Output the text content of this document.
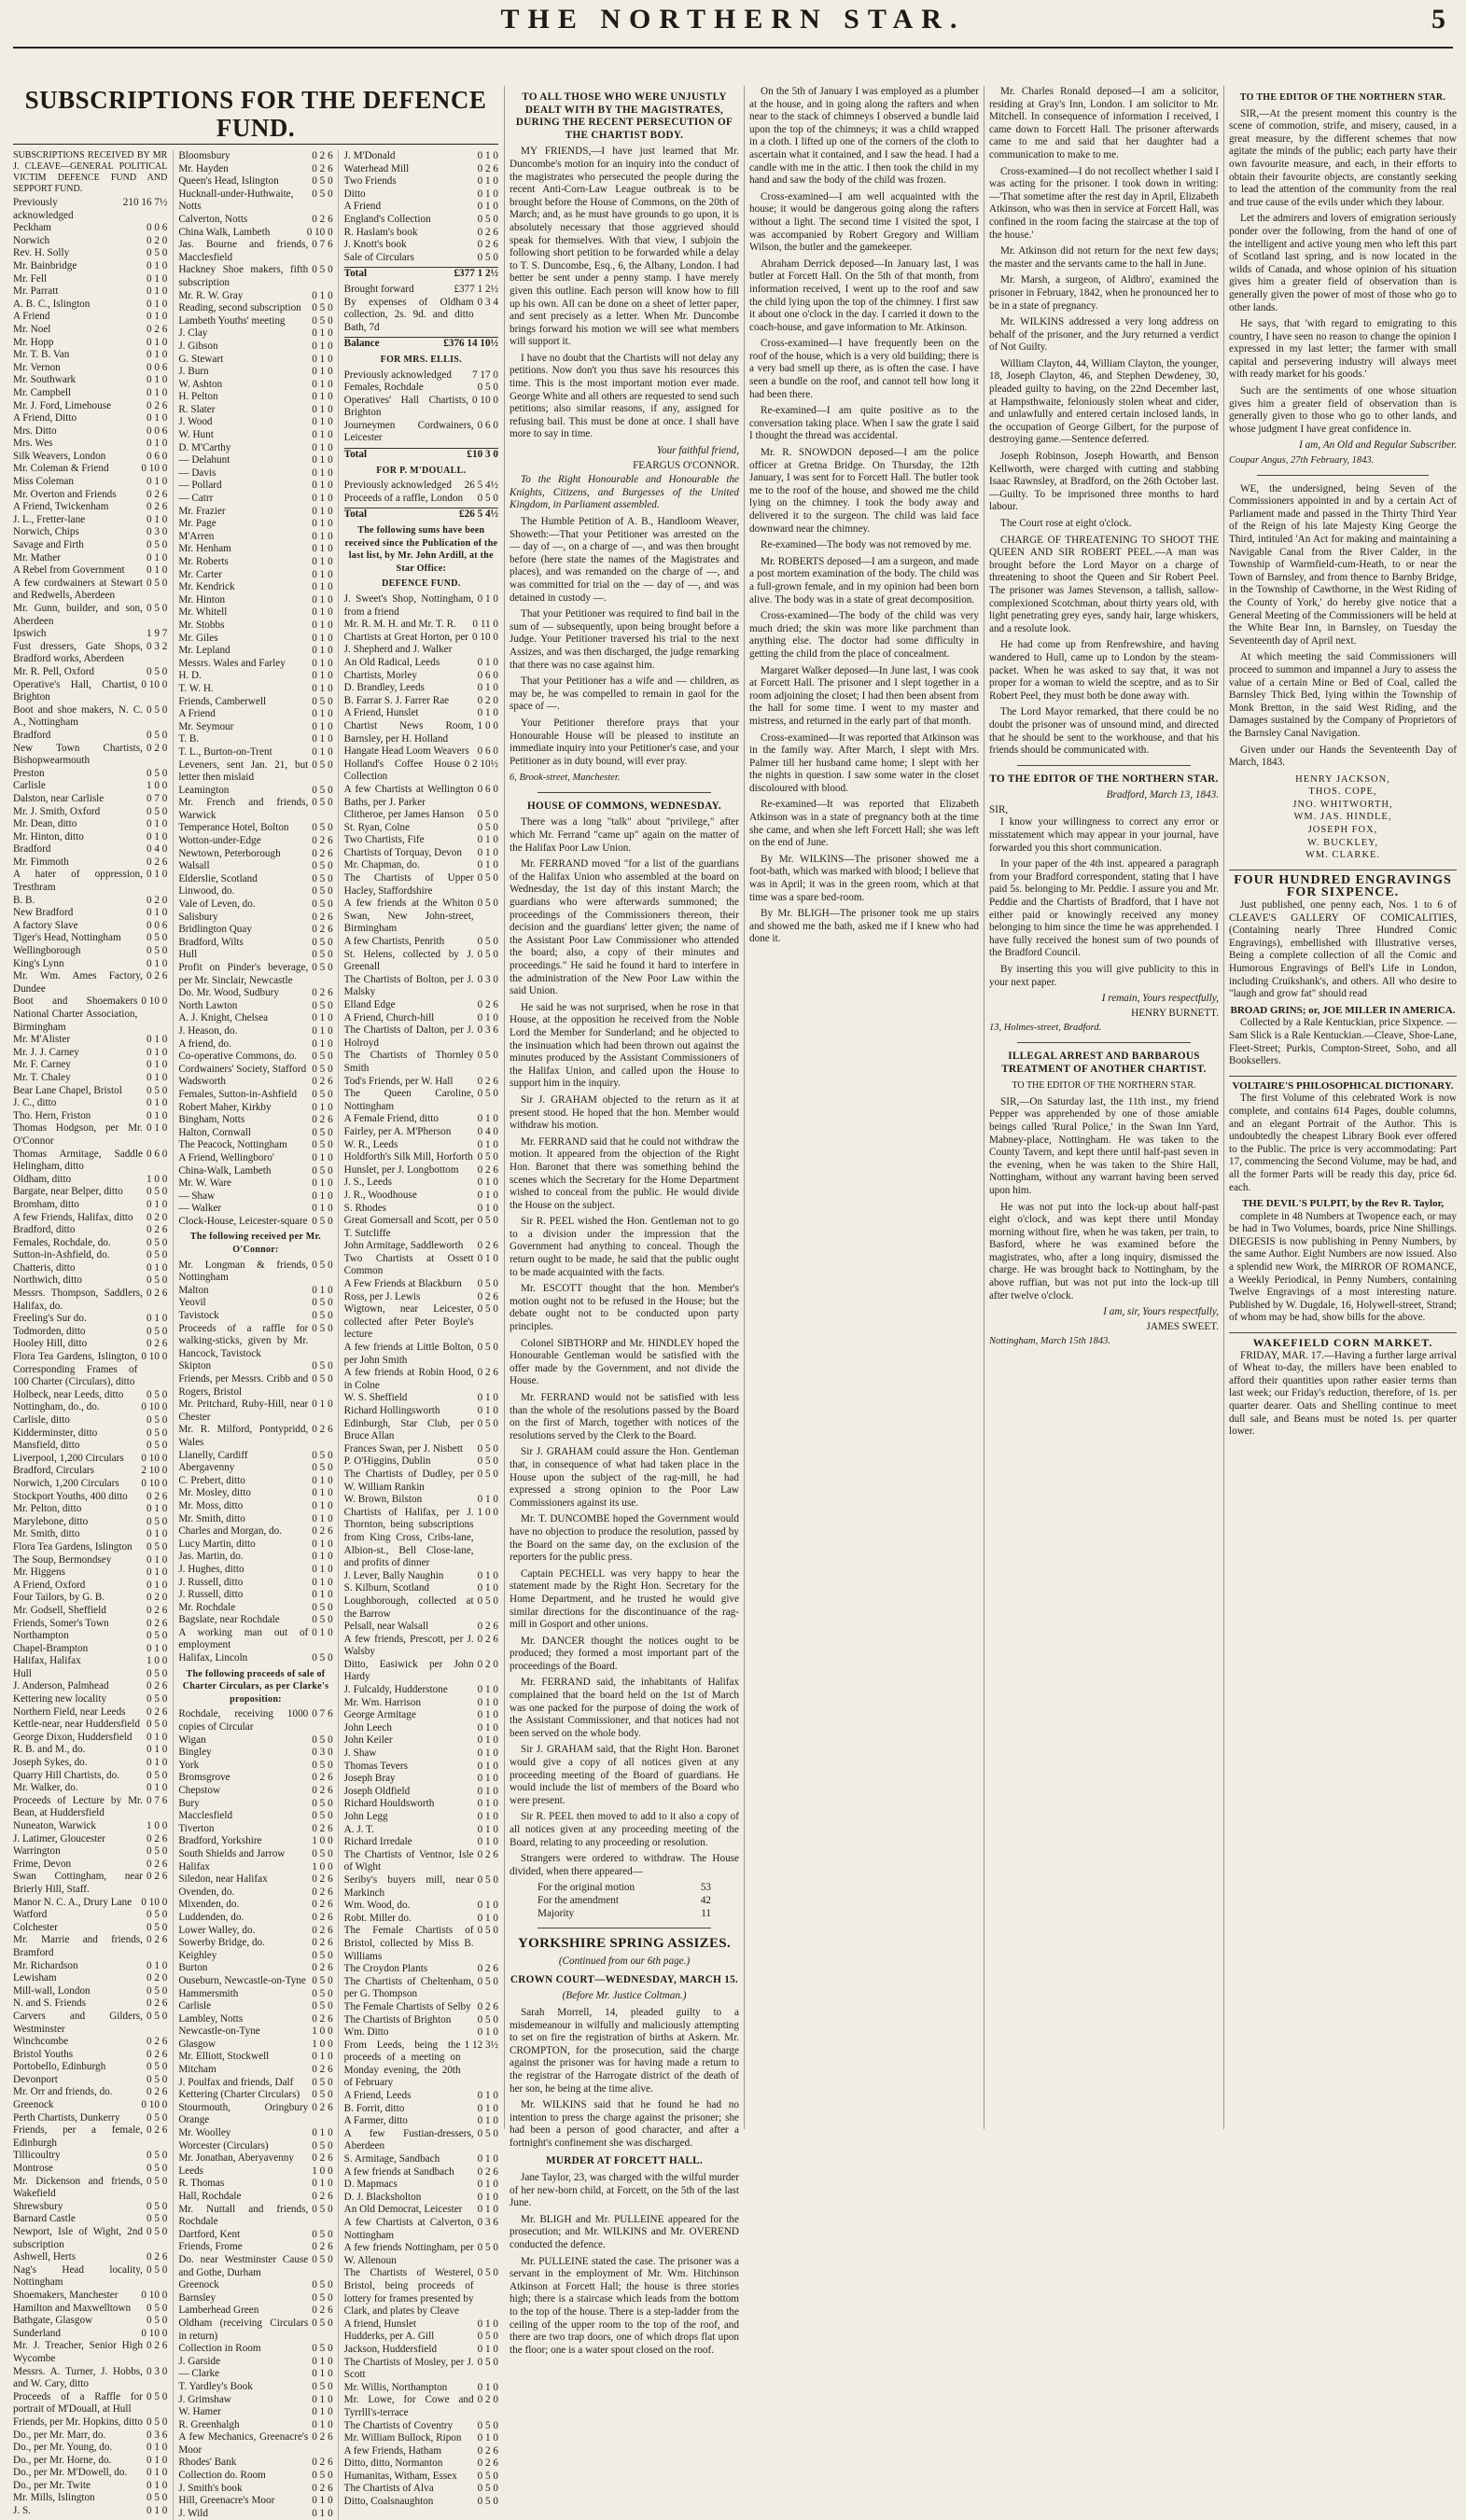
THE NORTHERN STAR.	5
SUBSCRIPTIONS FOR THE DEFENCE FUND.
SUBSCRIPTIONS RECEIVED BY MR J. CLEAVE—GENERAL POLITICAL VICTIM DEFENCE FUND AND SEPPORT FUND.
Previously acknowledged
210 16 7½
Peckham	0 0 6
Norwich	0 2 0
Rev. H. Solly	0 5 0
Mr. Bainbridge	0 1 0
Mr. Fell	0 1 0
Mr. Parratt	0 1 0
A. B. C., Islington	0 1 0
A Friend	0 1 0
Mr. Noel	0 2 6
Mr. Hopp	0 1 0
Mr. T. B. Van	0 1 0
Mr. Vernon	0 0 6
Mr. Southwark	0 1 0
Mr. Campbell	0 1 0
Mr. J. Ford, Limehouse	0 2 6
A Friend, Ditto	0 1 0
Mrs. Ditto	0 0 6
Mrs. Wes	0 1 0
Silk Weavers, London	0 6 0
Mr. Coleman & Friend	0 10 0
Miss Coleman	0 1 0
Mr. Overton and Friends	0 2 6
A Friend, Twickenham	0 2 6
J. L., Fretter-lane	0 1 0
Norwich, Chips	0 3 0
Savage and Firth	0 5 0
Mr. Mather	0 1 0
A Rebel from Government	0 1 0
A few cordwainers at Stewart and Redwells, Aberdeen
0 5 0
Mr. Gunn, builder, and son, Aberdeen
0 5 0
Ipswich	1 9 7
Fust dressers, Gate Shops, Bradford works, Aberdeen
0 3 2
Mr. R. Pell, Oxford	0 5 0
Operative's Hall, Chartist, Brighton
0 10 0
Boot and shoe makers, N. C. A., Nottingham
0 5 0
Bradford	0 5 0
New Town Chartists, Bishopwearmouth
0 2 0
Preston	0 5 0
Carlisle	1 0 0
Dalston, near Carlisle	0 7 0
Mr. J. Smith, Oxford	0 5 0
Mr. Dean, ditto	0 1 0
Mr. Hinton, ditto	0 1 0
Bradford	0 4 0
Mr. Fimmoth	0 2 6
A hater of oppression, Tresthram
0 1 0
B. B.	0 2 0
New Bradford	0 1 0
A factory Slave	0 0 6
Tiger's Head, Nottingham	0 5 0
Wellingborough	0 5 0
King's Lynn	0 1 0
Mr. Wm. Ames Factory, Dundee
0 2 6
Boot and Shoemakers National Charter Association, Birmingham
0 10 0
Mr. M'Alister	0 1 0
Mr. J. J. Carney	0 1 0
Mr. F. Carney	0 1 0
Mr. T. Chaley	0 1 0
Bear Lane Chapel, Bristol	0 5 0
J. C., ditto	0 1 0
Tho. Hern, Friston	0 1 0
Thomas Hodgson, per Mr. O'Connor
0 1 0
Thomas Armitage, Saddle Helingham, ditto
0 6 0
Oldham, ditto	1 0 0
Bargate, near Belper, ditto	0 5 0
Bromham, ditto	0 1 0
A few Friends, Halifax, ditto	0 2 0
Bradford, ditto	0 2 6
Females, Rochdale, do.	0 5 0
Sutton-in-Ashfield, do.	0 5 0
Chatteris, ditto	0 1 0
Northwich, ditto	0 5 0
Messrs. Thompson, Saddlers, Halifax, do.
0 2 6
Freeling's Sur do.	0 1 0
Todmorden, ditto	0 5 0
Hooley Hill, ditto	0 2 6
Flora Tea Gardens, Islington, Corresponding Frames of 100 Charter (Circulars), ditto
0 10 0
Holbeck, near Leeds, ditto	0 5 0
Nottingham, do., do.	0 10 0
Carlisle, ditto	0 5 0
Kidderminster, ditto	0 5 0
Mansfield, ditto	0 5 0
Liverpool, 1,200 Circulars	0 10 0
Bradford, Circulars	2 10 0
Norwich, 1,200 Circulars	0 10 0
Stockport Youths, 400 ditto	0 2 6
Mr. Pelton, ditto	0 1 0
Marylebone, ditto	0 5 0
Mr. Smith, ditto	0 1 0
Flora Tea Gardens, Islington	0 5 0
The Soup, Bermondsey	0 1 0
Mr. Higgens	0 1 0
A Friend, Oxford	0 1 0
Four Tailors, by G. B.	0 2 0
Mr. Godsell, Sheffield	0 2 6
Friends, Somer's Town	0 2 6
Northampton	0 5 0
Chapel-Brampton	0 1 0
Halifax, Halifax	1 0 0
Hull	0 5 0
J. Anderson, Palmhead	0 2 6
Kettering new locality	0 5 0
Northern Field, near Leeds	0 2 6
Kettle-near, near Huddersfield 0 5 0
George Dixon, Huddersfield	0 1 0
R. B. and M., do.	0 1 0
Joseph Sykes, do.	0 1 0
Quarry Hill Chartists, do.	0 5 0
Mr. Walker, do.	0 1 0
Proceeds of Lecture by Mr. Bean, at Huddersfield
0 7 6
Nuneaton, Warwick	1 0 0
J. Latimer, Gloucester	0 2 6
Warrington	0 5 0
Frime, Devon	0 2 6
Swan Cottingham, near Brierly Hill, Staff.
0 2 6
Manor N. C. A., Drury Lane 0 10 0
Watford	0 5 0
Colchester	0 5 0
Mr. Marrie and friends, Bramford
0 2 6
Mr. Richardson	0 1 0
Lewisham	0 2 0
Mill-wall, London	0 5 0
N. and S. Friends	0 2 6
Carvers and Gilders, Westminster
0 5 0
Winchcombe	0 2 6
Bristol Youths	0 2 6
Portobello, Edinburgh	0 5 0
Devonport	0 5 0
Mr. Orr and friends, do.	0 2 6
Greenock	0 10 0
Perth Chartists, Dunkerry	0 5 0
Friends, per a female, Edinburgh
0 2 6
Tillicoultry	0 5 0
Montrose	0 5 0
Mr. Dickenson and friends, Wakefield
0 5 0
Shrewsbury	0 5 0
Barnard Castle	0 5 0
Newport, Isle of Wight, 2nd subscription
0 5 0
Ashwell, Herts	0 2 6
Nag's Head locality, Nottingham
0 5 0
Shoemakers, Manchester	0 10 0
Hamilton and Maxwelltown	0 5 0
Bathgate, Glasgow	0 5 0
Sunderland	0 10 0
Mr. J. Treacher, Senior High Wycombe
0 2 6
Messrs. A. Turner, J. Hobbs, and W. Cary, ditto
0 3 0
Proceeds of a Raffle for portrait of M'Douall, at Hull
0 5 0
Friends, per Mr. Hopkins, ditto 0 5 0
Do., per Mr. Marr, do.	0 3 6
Do., per Mr. Young, do.	0 1 0
Do., per Mr. Horne, do.	0 1 0
Do., per Mr. M'Dowell, do.	0 1 0
Do., per Mr. Twite	0 1 0
Mr. Mills, Islington	0 5 0
J. S.	0 1 0
Bloomsbury	0 2 6
Mr. Hayden	0 2 6
Queen's Head, Islington	0 5 0
Hucknall-under-Huthwaite, Notts
0 5 0
Calverton, Notts	0 2 6
China Walk, Lambeth	0 10 0
Jas. Bourne and friends, Macclesfield
0 7 6
Hackney Shoe makers, fifth subscription
0 5 0
Mr. R. W. Gray	0 1 0
Reading, second subscription	0 5 0
Lambeth Youths' meeting	0 5 0
J. Clay	0 1 0
J. Gibson	0 1 0
G. Stewart	0 1 0
J. Burn	0 1 0
W. Ashton	0 1 0
H. Pelton	0 1 0
R. Slater	0 1 0
J. Wood	0 1 0
W. Hunt	0 1 0
D. M'Carthy	0 1 0
— Delahunt	0 1 0
— Davis	0 1 0
— Pollard	0 1 0
— Catrr	0 1 0
Mr. Frazier	0 1 0
Mr. Page	0 1 0
M'Arren	0 1 0
Mr. Henham	0 1 0
Mr. Roberts	0 1 0
Mr. Carter	0 1 0
Mr. Kendrick	0 1 0
Mr. Hinton	0 1 0
Mr. Whitell	0 1 0
Mr. Stobbs	0 1 0
Mr. Giles	0 1 0
Mr. Lepland	0 1 0
Messrs. Wales and Farley	0 1 0
H. D.	0 1 0
T. W. H.	0 1 0
Friends, Camberwell	0 5 0
A Friend	0 1 0
Mr. Seymour	0 1 0
T. B.	0 1 0
T. L., Burton-on-Trent	0 1 0
Leveners, sent Jan. 21, but letter then mislaid
0 5 0
Leamington	0 5 0
Mr. French and friends, Warwick
0 5 0
Temperance Hotel, Bolton	0 5 0
Wotton-under-Edge	0 2 6
Newtown, Peterborough	0 2 6
Walsall	0 5 0
Elderslie, Scotland	0 5 0
Linwood, do.	0 5 0
Vale of Leven, do.	0 5 0
Salisbury	0 2 6
Bridlington Quay	0 2 6
Bradford, Wilts	0 5 0
Hull	0 5 0
Profit on Pinder's beverage, per Mr. Sinclair, Newcastle
0 5 0
Do. Mr. Wood, Sudbury	0 2 6
North Lawton	0 5 0
A. J. Knight, Chelsea	0 1 0
J. Heason, do.	0 1 0
A friend, do.	0 1 0
Co-operative Commons, do.	0 5 0
Cordwainers' Society, Stafford 0 5 0
Wadsworth	0 2 6
Females, Sutton-in-Ashfield	0 5 0
Robert Maher, Kirkby	0 1 0
Bingham, Notts	0 2 6
Halton, Cornwall	0 5 0
The Peacock, Nottingham	0 5 0
A Friend, Wellingboro'	0 1 0
China-Walk, Lambeth	0 5 0
Mr. W. Ware	0 1 0
— Shaw	0 1 0
— Walker	0 1 0
Clock-House, Leicester-square 0 5 0
The following received per Mr. O'Connor:
Mr. Longman & friends, Nottingham
0 5 0
Malton	0 1 0
Yeovil	0 5 0
Tavistock	0 5 0
Proceeds of a raffle for walking-sticks, given by Mr. Hancock, Tavistock
0 5 0
Skipton	0 5 0
Friends, per Messrs. Cribb and Rogers, Bristol
0 5 0
Mr. Pritchard, Ruby-Hill, near Chester
0 1 0
Mr. R. Milford, Pontypridd, Wales
0 2 6
Llanelly, Cardiff	0 5 0
Abergavenny	0 5 0
C. Prebert, ditto	0 1 0
Mr. Mosley, ditto	0 1 0
Mr. Moss, ditto	0 1 0
Mr. Smith, ditto	0 1 0
Charles and Morgan, do.	0 2 6
Lucy Martin, ditto	0 1 0
Jas. Martin, do.	0 1 0
J. Hughes, ditto	0 1 0
J. Russell, ditto	0 1 0
J. Russell, ditto	0 1 0
Mr. Rochdale	0 5 0
Bagslate, near Rochdale	0 5 0
A working man out of employment
0 1 0
Halifax, Lincoln	0 5 0
The following proceeds of sale of Charter Circulars, as per Clarke's proposition:
Rochdale, receiving 1000 copies of Circular
0 7 6
Wigan	0 5 0
Bingley	0 3 0
York	0 5 0
Bromsgrove	0 2 6
Chepstow	0 2 6
Bury	0 5 0
Macclesfield	0 5 0
Tiverton	0 2 6
Bradford, Yorkshire	1 0 0
South Shields and Jarrow	0 5 0
Halifax	1 0 0
Siledon, near Halifax	0 2 6
Ovenden, do.	0 2 6
Mixenden, do.	0 2 6
Luddenden, do.	0 2 6
Lower Walley, do.	0 2 6
Sowerby Bridge, do.	0 2 6
Keighley	0 5 0
Burton	0 2 6
Ouseburn, Newcastle-on-Tyne 0 5 0
Hammersmith	0 5 0
Carlisle	0 5 0
Lambley, Notts	0 2 6
Newcastle-on-Tyne	1 0 0
Glasgow	1 0 0
Mr. Elliott, Stockwell	0 1 0
Mitcham	0 2 6
J. Poulfax and friends, Dalf	0 5 0
Kettering (Charter Circulars)	0 5 0
Stourmouth, Oringbury Orange
0 2 6
Mr. Woolley	0 1 0
Worcester (Circulars)	0 5 0
Mr. Jonathan, Aberyavenny	0 2 6
Leeds	1 0 0
R. Thomas	0 1 0
Hall, Rochdale	0 2 6
Mr. Nuttall and friends, Rochdale
0 5 0
Dartford, Kent	0 5 0
Friends, Frome	0 2 6
Do. near Westminster Cause and Gothe, Durham
0 5 0
Greenock	0 5 0
Barnsley	0 5 0
Lamberhead Green	0 2 6
Oldham (receiving Circulars in return)
0 5 0
Collection in Room	0 5 0
J. Garside	0 1 0
— Clarke	0 1 0
T. Yardley's Book	0 5 0
J. Grimshaw	0 1 0
W. Hamer	0 1 0
R. Greenhalgh	0 1 0
A few Mechanics, Greenacre's Moor
0 2 6
Rhodes' Bank	0 2 6
Collection do. Room	0 5 0
J. Smith's book	0 2 6
Hill, Greenacre's Moor	0 1 0
J. Wild	0 1 0
J. M'Donald	0 1 0
Waterhead Mill	0 2 6
Two Friends	0 1 0
Ditto	0 1 0
A Friend	0 1 0
England's Collection	0 5 0
R. Haslam's book	0 2 6
J. Knott's book	0 2 6
Sale of Circulars	0 5 0
Total	£377 1 2½
Brought forward	£377 1 2½
By expenses of Oldham collection, 2s. 9d. and ditto Bath, 7d
0 3 4
Balance	£376 14 10½
FOR MRS. ELLIS.
Previously acknowledged	7 17 0
Females, Rochdale	0 5 0
Operatives' Hall Chartists, Brighton
0 10 0
Journeymen Cordwainers, Leicester
0 6 0
Total	£10 3 0
FOR P. M'DOUALL.
Previously acknowledged	26 5 4½
Proceeds of a raffle, London	0 5 0
Total	£26 5 4½
The following sums have been received since the Publication of the last list, by Mr. John Ardill, at the Star Office:
DEFENCE FUND.
J. Sweet's Shop, Nottingham, from a friend
0 1 0
Mr. R. M. H. and Mr. T. R.	0 11 0
Chartists at Great Horton, per J. Shepherd and J. Walker
0 10 0
An Old Radical, Leeds	0 1 0
Chartists, Morley	0 6 0
D. Brandley, Leeds	0 1 0
B. Farrar S. J. Farrer Rae	0 2 0
A Friend, Hunslet	0 1 0
Chartist News Room, Barnsley, per H. Holland
1 0 0
Hangate Head Loom Weavers 0 6 0
Holland's Coffee House Collection
0 2 10½
A few Chartists at Wellington Baths, per J. Parker
0 6 0
Clitheroe, per James Hanson	0 5 0
St. Ryan, Colne	0 5 0
Two Chartists, Fife	0 1 0
Chartists of Torquay, Devon	0 1 0
Mr. Chapman, do.	0 1 0
The Chartists of Upper Hacley, Staffordshire
0 5 0
A few friends at the Whiton Swan, New John-street, Birmingham
0 5 0
A few Chartists, Penrith	0 5 0
St. Helens, collected by J. Greenall
0 5 0
The Chartists of Bolton, per J. Malsky
0 3 0
Elland Edge	0 2 6
A Friend, Church-hill	0 1 0
The Chartists of Dalton, per J. Holroyd
0 3 6
The Chartists of Thornley Smith
0 5 0
Tod's Friends, per W. Hall	0 2 6
The Queen Caroline, Nottingham
0 5 0
A Female Friend, ditto	0 1 0
Fairley, per A. M'Pherson	0 4 0
W. R., Leeds	0 1 0
Holdforth's Silk Mill, Horforth 0 5 0
Hunslet, per J. Longbottom	0 2 6
J. S., Leeds	0 1 0
J. R., Woodhouse	0 1 0
S. Rhodes	0 1 0
Great Gomersall and Scott, per T. Sutcliffe
0 5 0
John Armitage, Saddleworth	0 2 6
Two Chartists at Ossett Common
0 1 0
A Few Friends at Blackburn	0 5 0
Ross, per J. Lewis	0 2 6
Wigtown, near Leicester, collected after Peter Boyle's lecture
0 5 0
A few friends at Little Bolton, per John Smith
0 5 0
A few friends at Robin Hood, in Colne
0 2 6
W. S. Sheffield	0 1 0
Richard Hollingsworth	0 1 0
Edinburgh, Star Club, per Bruce Allan
0 5 0
Frances Swan, per J. Nisbett	0 5 0
P. O'Higgins, Dublin	0 5 0
The Chartists of Dudley, per W. William Rankin
0 5 0
W. Brown, Bilston	0 1 0
Chartists of Halifax, per J. Thornton, being subscriptions from King Cross, Cribs-lane, Albion-st., Bell Close-lane, and profits of dinner
1 0 0
J. Lever, Bally Naughin	0 1 0
S. Kilburn, Scotland	0 1 0
Loughborough, collected at the Barrow
0 5 0
Pelsall, near Walsall	0 2 6
A few friends, Prescott, per J. Walsby
0 2 6
Ditto, Easiwick per John Hardy
0 2 0
J. Fulcaldy, Hudderstone	0 1 0
Mr. Wm. Harrison	0 1 0
George Armitage	0 1 0
John Leech	0 1 0
John Keiler	0 1 0
J. Shaw	0 1 0
Thomas Tevers	0 1 0
Joseph Bray	0 1 0
Joseph Oldfield	0 1 0
Richard Houldsworth	0 1 0
John Legg	0 1 0
A. J. T.	0 1 0
Richard Irredale	0 1 0
The Chartists of Ventnor, Isle of Wight
0 2 6
Seriby's buyers mill, near Markinch
0 5 0
Wm. Wood, do.	0 1 0
Robt. Miller do.	0 1 0
The Female Chartists of Bristol, collected by Miss B. Williams
0 5 0
The Croydon Plants	0 2 6
The Chartists of Cheltenham, per G. Thompson
0 5 0
The Female Chartists of Selby 0 2 6
The Chartists of Brighton	0 5 0
Wm. Ditto	0 1 0
From Leeds, being the proceeds of a meeting on Monday evening, the 20th of February
1 12 3½
A Friend, Leeds	0 1 0
B. Forrit, ditto	0 1 0
A Farmer, ditto	0 1 0
A few Fustian-dressers, Aberdeen
0 5 0
S. Armitage, Sandbach	0 1 0
A few friends at Sandbach	0 2 6
D. Mapmacs	0 1 0
D. J. Blacksholton	0 1 0
An Old Democrat, Leicester	0 1 0
A few Chartists at Calverton, Nottingham
0 3 6
A few friends Nottingham, per W. Allenoun
0 5 0
The Chartists of Westerel, Bristol, being proceeds of lottery for frames presented by Clark, and plates by Cleave
0 5 0
A friend, Hunslet	0 1 0
Hudderks, per A. Gill	0 5 0
Jackson, Huddersfield	0 1 0
The Chartists of Mosley, per J. Scott
0 5 0
Mr. Willis, Northampton	0 1 0
Mr. Lowe, for Cowe and Tyrrlll's-terrace
0 2 0
The Chartists of Coventry	0 5 0
Mr. William Bullock, Ripon	0 1 0
A few Friends, Hatham	0 2 6
Ditto, ditto, Normanton	0 2 6
Humanitas, Witham, Essex	0 5 0
The Chartists of Alva	0 5 0
Ditto, Coalsnaughton	0 5 0
TO ALL THOSE WHO WERE UNJUSTLY DEALT WITH BY THE MAGISTRATES, DURING THE RECENT PERSECUTION OF THE CHARTIST BODY.

MY FRIENDS,—I have just learned that Mr. Duncombe's motion for an inquiry into the conduct of the magistrates who persecuted the people during the recent Anti-Corn-Law League outbreak is to be brought before the House of Commons, on the 20th of March; and, as he must have grounds to go upon, it is absolutely necessary that those aggrieved should speak for themselves. With that view, I subjoin the following short petition to be forwarded while a delay to T. S. Duncombe, Esq., 6, the Albany, London. I had better be sent under a penny stamp. I have merely given this outline. Each person will know how to fill up his own. All can be done on a sheet of letter paper, and sent precisely as a letter. When Mr. Duncombe brings forward his motion we will see what members will support it.

I have no doubt that the Chartists will not delay any petitions. Now don't you thus save his resources this time. This is the most important motion ever made. George White and all others are requested to send such petitions; also similar reasons, if any, assigned for refusing bail. This must be done at once. I shall have more to say in time.

Your faithful friend,
FEARGUS O'CONNOR.

To the Right Honourable and Honourable the Knights, Citizens, and Burgesses of the United Kingdom, in Parliament assembled.

The Humble Petition of A. B., Handloom Weaver, Showeth:—That your Petitioner was arrested on the — day of —, on a charge of —, and was then brought before (here state the names of the Magistrates and places), and was remanded on the charge of —, and was committed for trial on the — day of —, and was detained in custody —.

That your Petitioner was required to find bail in the sum of — subsequently, upon being brought before a Judge. Your Petitioner traversed his trial to the next Assizes, and was then discharged, the judge remarking that there was no case against him.

That your Petitioner has a wife and — children, as may be, he was compelled to remain in gaol for the space of —.

Your Petitioner therefore prays that your Honourable House will be pleased to institute an immediate inquiry into your Petitioner's case, and your Petitioner as in duty bound, will ever pray.

6, Brook-street, Manchester.
HOUSE OF COMMONS, WEDNESDAY.

There was a long "talk" about "privilege," after which Mr. Ferrand "came up" again on the matter of the Halifax Poor Law Union.

Mr. FERRAND moved "for a list of the guardians of the Halifax Union who assembled at the board on Wednesday, the 1st day of this instant March; the guardians who were afterwards summoned; the proceedings of the Commissioners thereon, their decision and the guardians' letter given; the name of the Assistant Poor Law Commissioner who attended the board; also, a copy of their minutes and proceedings." He said he found it hard to interfere in the administration of the New Poor Law within the said Union.

He said he was not surprised, when he rose in that House, at the opposition he received from the Noble Lord the Member for Sunderland; and he objected to the insinuation which had been thrown out against the minutes produced by the Assistant Commissioners of the Halifax Union, and called upon the House to support him in the inquiry.

Sir J. GRAHAM objected to the return as it at present stood. He hoped that the hon. Member would withdraw his motion.

Mr. FERRAND said that he could not withdraw the motion. It appeared from the objection of the Right Hon. Baronet that there was something behind the scenes which the Secretary for the Home Department wished to conceal from the public. He would divide the House on the subject.

Sir R. PEEL wished the Hon. Gentleman not to go to a division under the impression that the Government had anything to conceal. Though the return ought to be made, he said that the public ought to be made acquainted with the facts.

Mr. ESCOTT thought that the hon. Member's motion ought not to be refused in the House; but the debate ought not to be conducted upon party principles.

Colonel SIBTHORP and Mr. HINDLEY hoped the Honourable Gentleman would be satisfied with the offer made by the Government, and not divide the House.

Mr. FERRAND would not be satisfied with less than the whole of the resolutions passed by the Board on the first of March, together with notices of the resolutions served by the Clerk to the Board.

Sir J. GRAHAM could assure the Hon. Gentleman that, in consequence of what had taken place in the House upon the subject of the rag-mill, he had expressed a strong opinion to the Poor Law Commissioners against its use.

Mr. T. DUNCOMBE hoped the Government would have no objection to produce the resolution, passed by the Board on the same day, on the exclusion of the reporters for the public press.

Captain PECHELL was very happy to hear the statement made by the Right Hon. Secretary for the Home Department, and he trusted he would give similar directions for the discontinuance of the rag-mill in Gosport and other unions.

Mr. DANCER thought the notices ought to be produced; they formed a most important part of the proceedings of the Board.

Mr. FERRAND said, the inhabitants of Halifax complained that the board held on the 1st of March was one packed for the purpose of doing the work of the Assistant Commissioner, and that notices had not been served on the whole body.

Sir J. GRAHAM said, that the Right Hon. Baronet would give a copy of all notices given at any proceeding meeting of the Board of guardians. He would include the list of members of the Board who were present.

Sir R. PEEL then moved to add to it also a copy of all notices given at any proceeding meeting of the Board, relating to any proceeding or resolution.

Strangers were ordered to withdraw. The House divided, when there appeared—

For the original motion	53
For the amendment	42
Majority	11
YORKSHIRE SPRING ASSIZES.
(Continued from our 6th page.)
CROWN COURT—WEDNESDAY, MARCH 15.
(Before Mr. Justice Coltman.)

Sarah Morrell, 14, pleaded guilty to a misdemeanour in wilfully and maliciously attempting to set on fire the registration of births at Askern. Mr. CROMPTON, for the prosecution, said the charge against the prisoner was for having made a return to the registrar of the Harrogate district of the death of her son, he being at the time alive.

Mr. WILKINS said that he found he had no intention to press the charge against the prisoner; she had been a person of good character, and after a fortnight's confinement she was discharged.

MURDER AT FORCETT HALL.

Jane Taylor, 23, was charged with the wilful murder of her new-born child, at Forcett, on the 5th of the last June.

Mr. BLIGH and Mr. PULLEINE appeared for the prosecution; and Mr. WILKINS and Mr. OVEREND conducted the defence.

Mr. PULLEINE stated the case. The prisoner was a servant in the employment of Mr. Wm. Hitchinson Atkinson at Forcett Hall; the house is three stories high; there is a staircase which leads from the bottom to the top of the house. There is a step-ladder from the ceiling of the upper room to the top of the roof, and there are two trap doors, one of which drops flat upon the floor; one is a water spout closed on the roof.

On the 5th of January I was employed as a plumber at the house, and in going along the rafters and when near to the stack of chimneys I observed a bundle laid upon the top of the chimneys; it was a child wrapped in a cloth. I lifted up one of the corners of the cloth to ascertain what it contained, and I saw the head. I had a candle with me in the attic. I then took the child in my hand and saw the body of the child was frozen.

Cross-examined—I am well acquainted with the house; it would be dangerous going along the rafters without a light. The second time I visited the spot, I was accompanied by Robert Gregory and William Wilson, the butler and the gamekeeper.

Abraham Derrick deposed—In January last, I was butler at Forcett Hall. On the 5th of that month, from information received, I went up to the roof and saw the child lying upon the top of the chimney. I first saw it about one o'clock in the day. I carried it down to the coach-house, and gave information to Mr. Atkinson.

Cross-examined—I have frequently been on the roof of the house, which is a very old building; there is a very bad smell up there, as is often the case. I have seen a bundle on the roof, and cannot tell how long it had been there.

Re-examined—I am quite positive as to the conversation taking place. When I saw the grate I said I thought the thread was accidental.

Mr. R. SNOWDON deposed—I am the police officer at Gretna Bridge. On Thursday, the 12th January, I was sent for to Forcett Hall. The butler took me to the roof of the house, and showed me the child lying on the chimney. I took the body away and delivered it to the surgeon. The child was laid face downward near the chimney.

Re-examined—The body was not removed by me.

Mr. ROBERTS deposed—I am a surgeon, and made a post mortem examination of the body. The child was a full-grown female, and in my opinion had been born alive. The body was in a state of great decomposition.

Cross-examined—The body of the child was very much dried; the skin was more like parchment than anything else. The doctor had some difficulty in getting the child from the place of concealment.

Margaret Walker deposed—In June last, I was cook at Forcett Hall. The prisoner and I slept together in a room adjoining the closet; I had then been absent from the hall for some time. I went to my master and mistress, and returned in the early part of that month.

Cross-examined—It was reported that Atkinson was in the family way. After March, I slept with Mrs. Palmer till her husband came home; I slept with her the nights in question. I saw some water in the closet discoloured with blood.

Re-examined—It was reported that Elizabeth Atkinson was in a state of pregnancy both at the time she came, and when she left Forcett Hall; she was left on the end of June.

By Mr. WILKINS—The prisoner showed me a foot-bath, which was marked with blood; I believe that was in April; it was in the green room, which at that time was a spare bed-room.

By Mr. BLIGH—The prisoner took me up stairs and showed me the bath, asked me if I knew who had done it.

Mr. Charles Ronald deposed—I am a solicitor, residing at Gray's Inn, London. I am solicitor to Mr. Mitchell. In consequence of information I received, I came down to Forcett Hall. The prisoner afterwards came to me and said that her daughter had a communication to make to me.

Cross-examined—I do not recollect whether I said I was acting for the prisoner. I took down in writing:—'That sometime after the rest day in April, Elizabeth Atkinson, who was then in service at Forcett Hall, was confined in the room facing the staircase at the top of the house.'

Mr. Atkinson did not return for the next few days; the master and the servants came to the hall in June.

Mr. Marsh, a surgeon, of Aldbro', examined the prisoner in February, 1842, when he pronounced her to be in a state of pregnancy.

Mr. WILKINS addressed a very long address on behalf of the prisoner, and the Jury returned a verdict of Not Guilty.

William Clayton, 44, William Clayton, the younger, 18, Joseph Clayton, 46, and Stephen Dewdeney, 30, pleaded guilty to having, on the 22nd December last, at Hampsthwaite, feloniously stolen wheat and cider, and unlawfully and entered certain inclosed lands, in the occupation of George Gilbert, for the purpose of destroying game.—Sentence deferred.

Joseph Robinson, Joseph Howarth, and Benson Kellworth, were charged with cutting and stabbing Isaac Rawnsley, at Bradford, on the 26th October last.—Guilty. To be imprisoned three months to hard labour.

The Court rose at eight o'clock.

CHARGE OF THREATENING TO SHOOT THE QUEEN AND SIR ROBERT PEEL.—A man was brought before the Lord Mayor on a charge of threatening to shoot the Queen and Sir Robert Peel. The prisoner was James Stevenson, a tallish, sallow-complexioned Scotchman, about thirty years old, with light penetrating grey eyes, sandy hair, large whiskers, and a resolute look.

He had come up from Renfrewshire, and having wandered to Hull, came up to London by the steam-packet. When he was asked to say that, it was not proper for a woman to wield the sceptre, and as to Sir Robert Peel, they must both be done away with.

The Lord Mayor remarked, that there could be no doubt the prisoner was of unsound mind, and directed that he should be sent to the workhouse, and that his friends should be communicated with.

TO THE EDITOR OF THE NORTHERN STAR.
Bradford, March 13, 1843.
SIR,

I know your willingness to correct any error or misstatement which may appear in your journal, have forwarded you this short communication.

In your paper of the 4th inst. appeared a paragraph from your Bradford correspondent, stating that I have paid 5s. belonging to Mr. Peddie. I assure you and Mr. Peddie and the Chartists of Bradford, that I have not either paid or knowingly received any money belonging to him since the time he was apprehended. I have fully received the honest sum of two pounds of the Bradford Council.

By inserting this you will give publicity to this in your next paper.

I remain, Yours respectfully,
HENRY BURNETT.
13, Holmes-street, Bradford.
ILLEGAL ARREST AND BARBAROUS TREATMENT OF ANOTHER CHARTIST.
TO THE EDITOR OF THE NORTHERN STAR.

SIR,—On Saturday last, the 11th inst., my friend Pepper was apprehended by one of those amiable beings called 'Rural Police,' in the Swan Inn Yard, Mabney-place, Nottingham. He was taken to the County Tavern, and kept there until half-past seven in the evening, when he was taken to the Shire Hall, Nottingham, without any warrant having been served upon him.

He was not put into the lock-up about half-past eight o'clock, and was kept there until Monday morning without fire, when he was taken, per train, to Basford, where he was examined before the magistrates, who, after a long inquiry, dismissed the charge. He was brought back to Nottingham, by the above ruffian, but was not put into the lock-up till after twelve o'clock.

I am, sir, Yours respectfully,
JAMES SWEET.
Nottingham, March 15th 1843.
TO THE EDITOR OF THE NORTHERN STAR.

SIR,—At the present moment this country is the scene of commotion, strife, and misery, caused, in a great measure, by the different schemes that now agitate the minds of the public; each party have their own favourite measure, and each, in their efforts to obtain their favourite objects, are constantly seeking to lead the attention of the community from the real and true cause of the evils under which they labour.

Let the admirers and lovers of emigration seriously ponder over the following, from the hand of one of the intelligent and active young men who left this part of Scotland last spring, and is now located in the wilds of Canada, and whose opinion of his situation gives him a greater field of observation than is generally given the power of most of those who go to other lands.

He says, that 'with regard to emigrating to this country, I have seen no reason to change the opinion I expressed in my last letter; the farmer with small capital and persevering industry will always meet with ready market for his goods.'

Such are the sentiments of one whose situation gives him a greater field of observation than is generally given to those who go to other lands, and whose judgment I have great confidence in.

I am, An Old and Regular Subscriber.
Coupar Angus, 27th February, 1843.

WE, the undersigned, being Seven of the Commissioners appointed in and by a certain Act of Parliament made and passed in the Thirty Third Year of the Reign of his late Majesty King George the Third, intituled 'An Act for making and maintaining a Navigable Canal from the River Calder, in the Township of Warmfield-cum-Heath, to or near the Town of Barnsley, and from thence to Barnby Bridge, in the Township of Cawthorne, in the West Riding of the County of York,' do hereby give notice that a General Meeting of the Commissioners will be held at the White Bear Inn, in Barnsley, on Tuesday the Seventeenth day of April next.

At which meeting the said Commissioners will proceed to summon and impannel a Jury to assess the value of a certain Mine or Bed of Coal, called the Barnsley Thick Bed, lying within the Township of Monk Bretton, in the said West Riding, and the Damages sustained by the Company of Proprietors of the Barnsley Canal Navigation.

Given under our Hands the Seventeenth Day of March, 1843.

HENRY JACKSON,
THOS. COPE,
JNO. WHITWORTH,
WM. JAS. HINDLE,
JOSEPH FOX,
W. BUCKLEY,
WM. CLARKE.
FOUR HUNDRED ENGRAVINGS FOR SIXPENCE.

Just published, one penny each, Nos. 1 to 6 of CLEAVE'S GALLERY OF COMICALITIES, (Containing nearly Three Hundred Comic Engravings), embellished with Illustrative verses, Being a complete collection of all the Comic and Humorous Engravings of Bell's Life in London, including Cruikshank's, and others. All who desire to "laugh and grow fat" should read

BROAD GRINS; or, JOE MILLER IN AMERICA.

Collected by a Rale Kentuckian, price Sixpence. — Sam Slick is a Rale Kentuckian.—Cleave, Shoe-Lane, Fleet-Street; Purkis, Compton-Street, Soho, and all Booksellers.

VOLTAIRE'S PHILOSOPHICAL DICTIONARY.

The first Volume of this celebrated Work is now complete, and contains 614 Pages, double columns, and an elegant Portrait of the Author. This is undoubtedly the cheapest Library Book ever offered to the Public. The price is very accommodating: Part 17, commencing the Second Volume, may be had, and all the former Parts will be ready this day, price 6d. each.

THE DEVIL'S PULPIT, by the Rev R. Taylor,

complete in 48 Numbers at Twopence each, or may be had in Two Volumes, boards, price Nine Shillings. DIEGESIS is now publishing in Penny Numbers, by the same Author. Eight Numbers are now issued. Also a splendid new Work, the MIRROR OF ROMANCE, a Weekly Periodical, in Penny Numbers, containing Twelve Engravings of a most interesting nature. Published by W. Dugdale, 16, Holywell-street, Strand; of whom may be had, show bills for the above.

WAKEFIELD CORN MARKET.

FRIDAY, MAR. 17.—Having a further large arrival of Wheat to-day, the millers have been enabled to afford their quantities upon rather easier terms than last week; our Friday's reduction, therefore, of 1s. per quarter dearer. Oats and Shelling continue to meet dull sale, and Beans must be noted 1s. per quarter lower.
